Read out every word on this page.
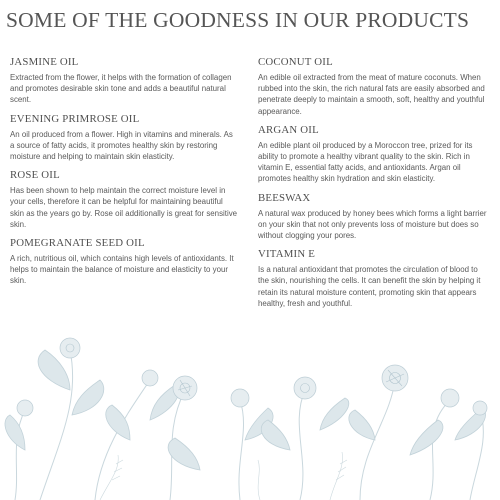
SOME OF THE GOODNESS IN OUR PRODUCTS
JASMINE OIL

Extracted from the flower, it helps with the formation of collagen and promotes desirable skin tone and adds a beautiful natural scent.

EVENING PRIMROSE OIL

An oil produced from a flower. High in vitamins and minerals. As a source of fatty acids, it promotes healthy skin by restoring moisture and helping to maintain skin elasticity.

ROSE OIL

Has been shown to help maintain the correct moisture level in your cells, therefore it can be helpful for maintaining beautiful skin as the years go by. Rose oil additionally is great for sensitive skin.

POMEGRANATE SEED OIL

A rich, nutritious oil, which contains high levels of antioxidants. It helps to maintain the balance of moisture and elasticity to your skin.

COCONUT OIL

An edible oil extracted from the meat of mature coconuts. When rubbed into the skin, the rich natural fats are easily absorbed and penetrate deeply to maintain a smooth, soft, healthy and youthful appearance.

ARGAN OIL

An edible plant oil produced by a Moroccon tree, prized for its ability to promote a healthy vibrant quality to the skin. Rich in vitamin E, essential fatty acids, and antioxidants. Argan oil promotes healthy skin hydration and skin elasticity.

BEESWAX

A natural wax produced by honey bees which forms a light barrier on your skin that not only prevents loss of moisture but does so without clogging your pores.

VITAMIN E

Is a natural antioxidant that promotes the circulation of blood to the skin, nourishing the cells. It can benefit the skin by helping it retain its natural moisture content, promoting skin that appears healthy, fresh and youthful.
